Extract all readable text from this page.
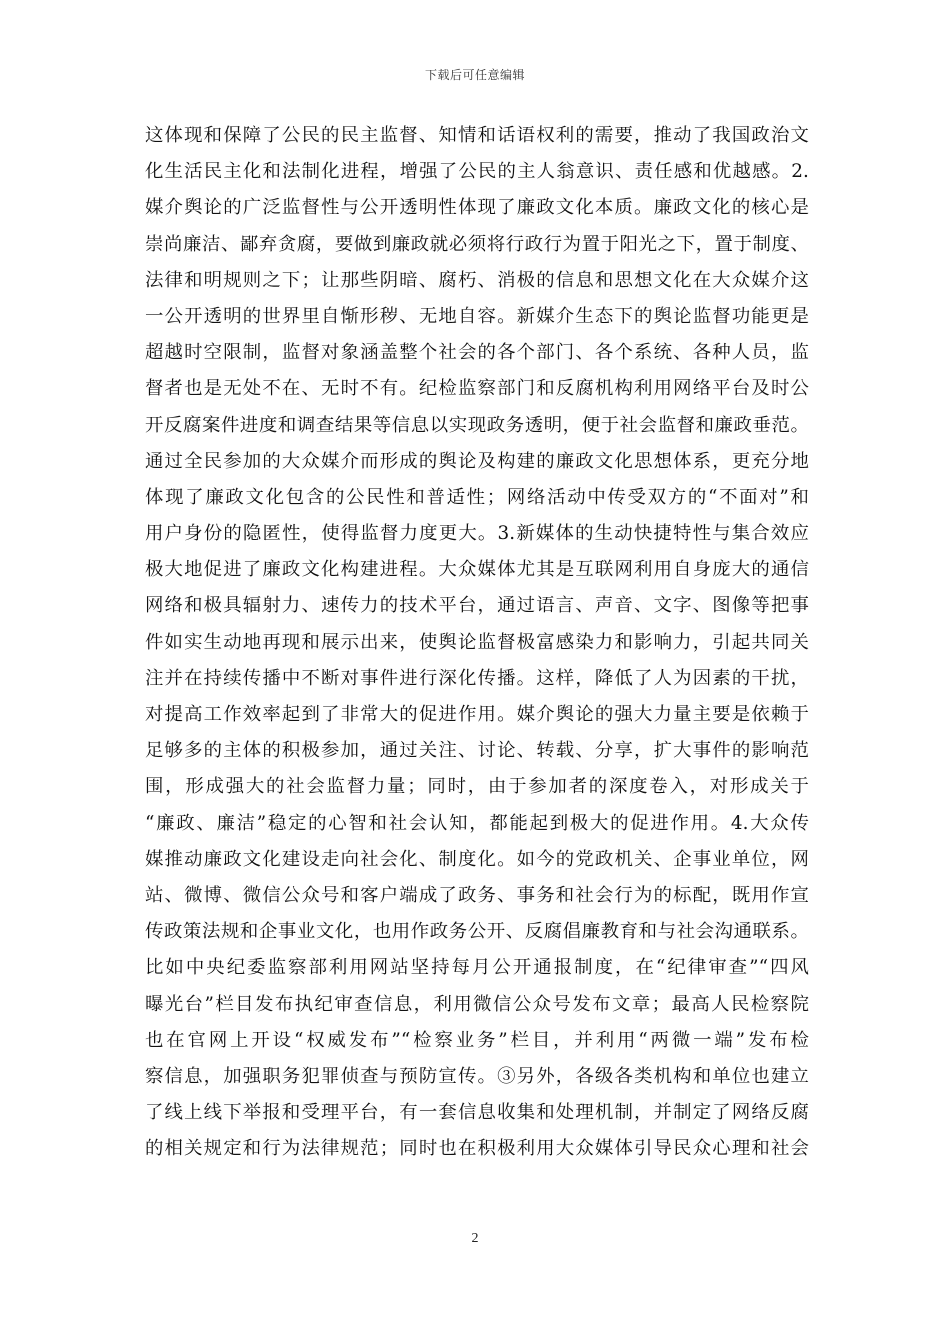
下载后可任意编辑
这体现和保障了公民的民主监督、知情和话语权利的需要，推动了我国政治文
化生活民主化和法制化进程，增强了公民的主人翁意识、责任感和优越感。2.
媒介舆论的广泛监督性与公开透明性体现了廉政文化本质。廉政文化的核心是
崇尚廉洁、鄙弃贪腐，要做到廉政就必须将行政行为置于阳光之下，置于制度、
法律和明规则之下；让那些阴暗、腐朽、消极的信息和思想文化在大众媒介这
一公开透明的世界里自惭形秽、无地自容。新媒介生态下的舆论监督功能更是
超越时空限制，监督对象涵盖整个社会的各个部门、各个系统、各种人员，监
督者也是无处不在、无时不有。纪检监察部门和反腐机构利用网络平台及时公
开反腐案件进度和调查结果等信息以实现政务透明，便于社会监督和廉政垂范。
通过全民参加的大众媒介而形成的舆论及构建的廉政文化思想体系，更充分地
体现了廉政文化包含的公民性和普适性；网络活动中传受双方的“不面对”和
用户身份的隐匿性，使得监督力度更大。3.新媒体的生动快捷特性与集合效应
极大地促进了廉政文化构建进程。大众媒体尤其是互联网利用自身庞大的通信
网络和极具辐射力、速传力的技术平台，通过语言、声音、文字、图像等把事
件如实生动地再现和展示出来，使舆论监督极富感染力和影响力，引起共同关
注并在持续传播中不断对事件进行深化传播。这样，降低了人为因素的干扰，
对提高工作效率起到了非常大的促进作用。媒介舆论的强大力量主要是依赖于
足够多的主体的积极参加，通过关注、讨论、转载、分享，扩大事件的影响范
围，形成强大的社会监督力量；同时，由于参加者的深度卷入，对形成关于
“廉政、廉洁”稳定的心智和社会认知，都能起到极大的促进作用。4.大众传
媒推动廉政文化建设走向社会化、制度化。如今的党政机关、企事业单位，网
站、微博、微信公众号和客户端成了政务、事务和社会行为的标配，既用作宣
传政策法规和企事业文化，也用作政务公开、反腐倡廉教育和与社会沟通联系。
比如中央纪委监察部利用网站坚持每月公开通报制度，在“纪律审查”“四风
曝光台”栏目发布执纪审查信息，利用微信公众号发布文章；最高人民检察院
也在官网上开设“权威发布”“检察业务”栏目，并利用“两微一端”发布检
察信息，加强职务犯罪侦查与预防宣传。③另外，各级各类机构和单位也建立
了线上线下举报和受理平台，有一套信息收集和处理机制，并制定了网络反腐
的相关规定和行为法律规范；同时也在积极利用大众媒体引导民众心理和社会
2
